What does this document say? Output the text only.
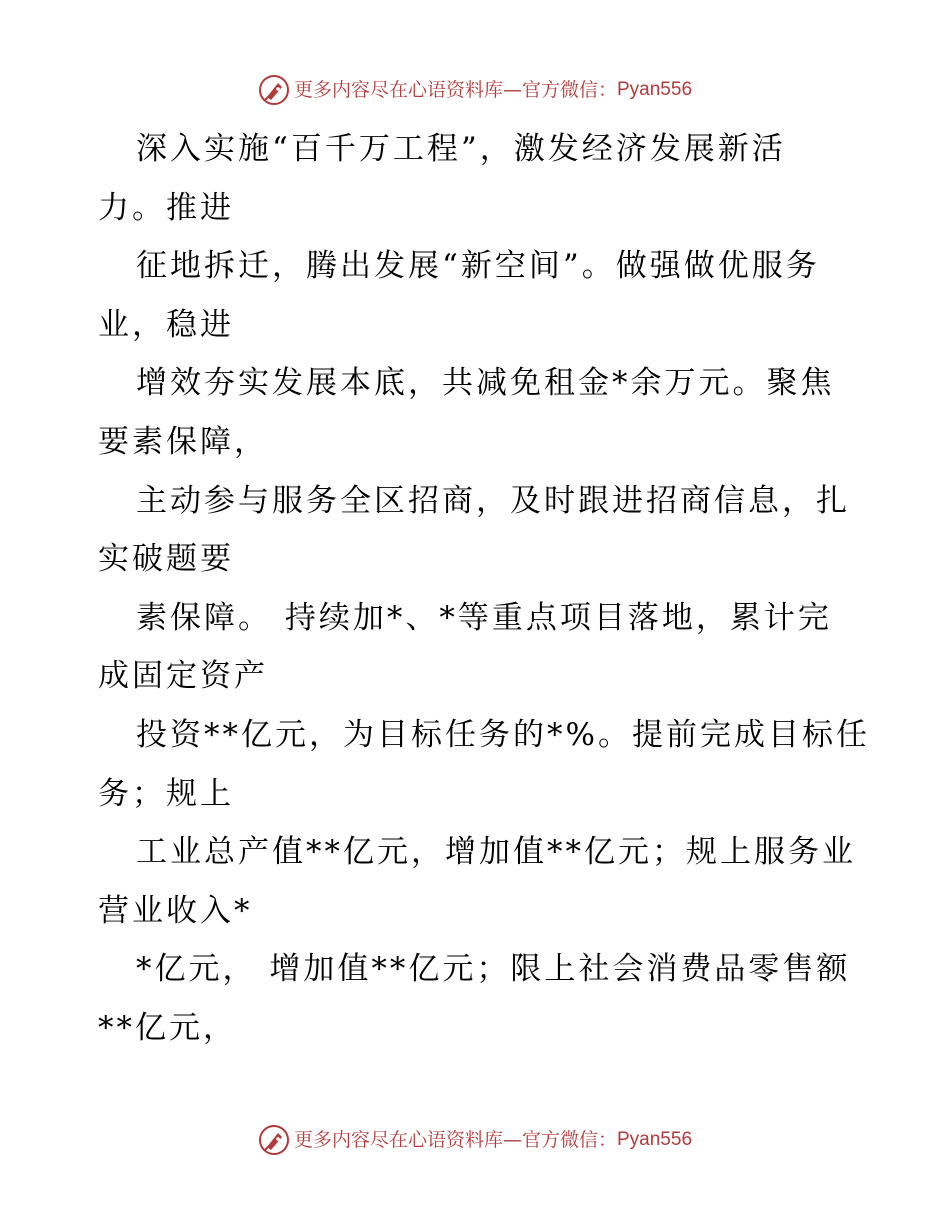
更多内容尽在心语资料库 — 官方微信： Pyan556

深入实施“百千万工程”，激发经济发展新活

力。推进

征地拆迁，腾出发展“新空间”。做强做优服务

业，稳进

增效夯实发展本底，共减免租金*余万元。聚焦

要素保障，

主动参与服务全区招商，及时跟进招商信息，扎

实破题要

素保障。 持续加*、*等重点项目落地，累计完

成固定资产

投资**亿元，为目标任务的*%。提前完成目标任

务；规上

工业总产值**亿元，增加值**亿元；规上服务业

营业收入*

*亿元， 增加值**亿元；限上社会消费品零售额

**亿元，

更多内容尽在心语资料库 — 官方微信： Pyan556
